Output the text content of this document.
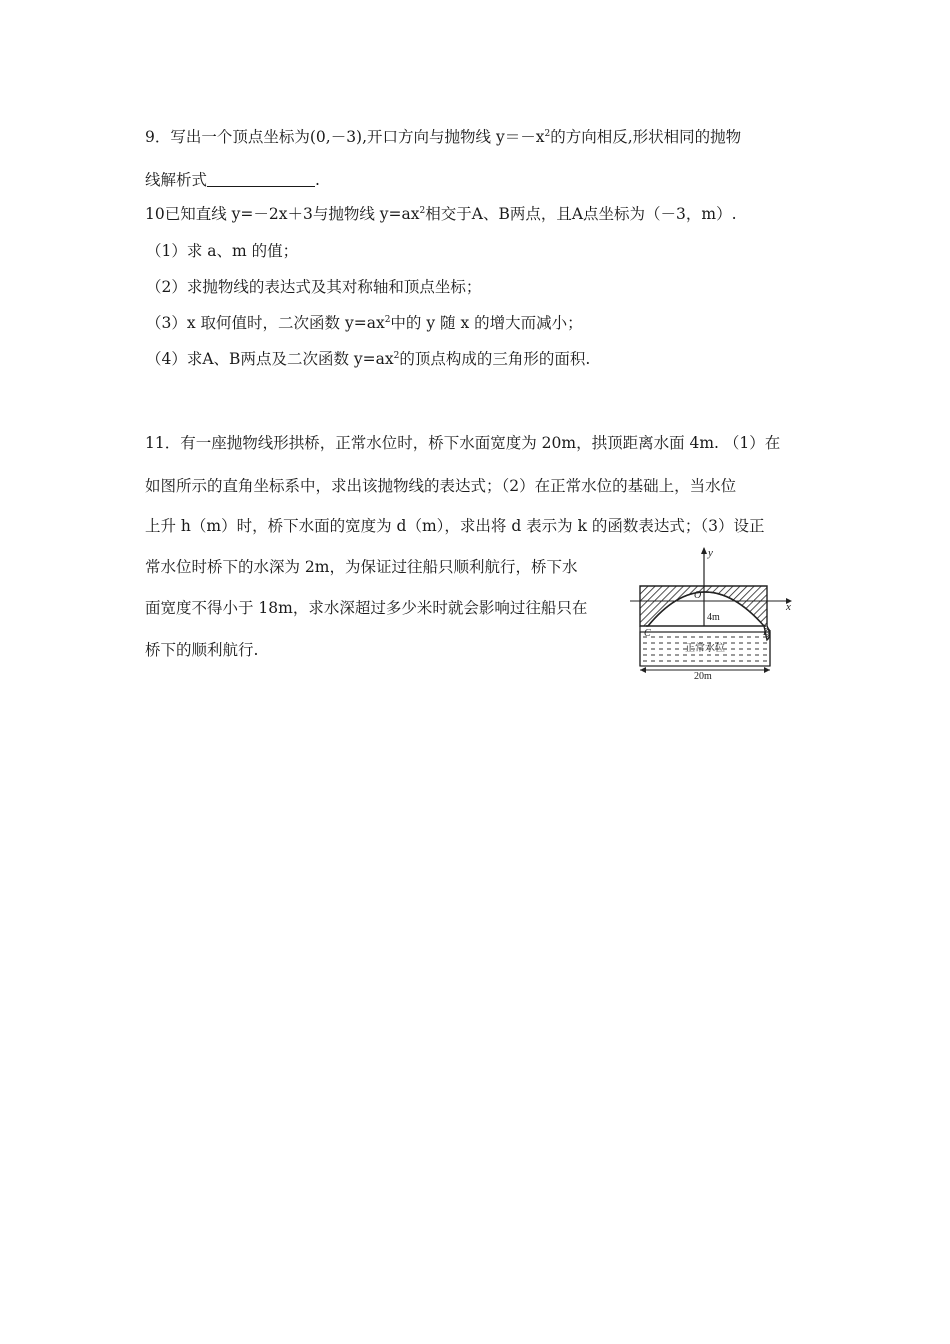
9．写出一个顶点坐标为(0,－3),开口方向与抛物线 $y=-x^2$的方向相反,形状相同的抛物
线解析式	.
10已知直线 y=－2x＋3与抛物线 $y=ax^2$相交于A、B两点，且A点坐标为（－3，m）.
（1）求 a、m 的值；
（2）求抛物线的表达式及其对称轴和顶点坐标；
（3）x 取何值时，二次函数 $y=ax^2$中的 y 随 x 的增大而减小；
（4）求A、B两点及二次函数 $y=ax^2$的顶点构成的三角形的面积.
11．有一座抛物线形拱桥，正常水位时，桥下水面宽度为 20m，拱顶距离水面 4m. （1）在
如图所示的直角坐标系中，求出该抛物线的表达式；（2）在正常水位的基础上，当水位
上升 h（m）时，桥下水面的宽度为 d（m），求出将 d 表示为 k 的函数表达式；（3）设正
常水位时桥下的水深为 2m，为保证过往船只顺利航行，桥下水
面宽度不得小于 18m，求水深超过多少米时就会影响过往船只在
桥下的顺利航行.
y
x
O
4m
C	D
正常水位
20m
